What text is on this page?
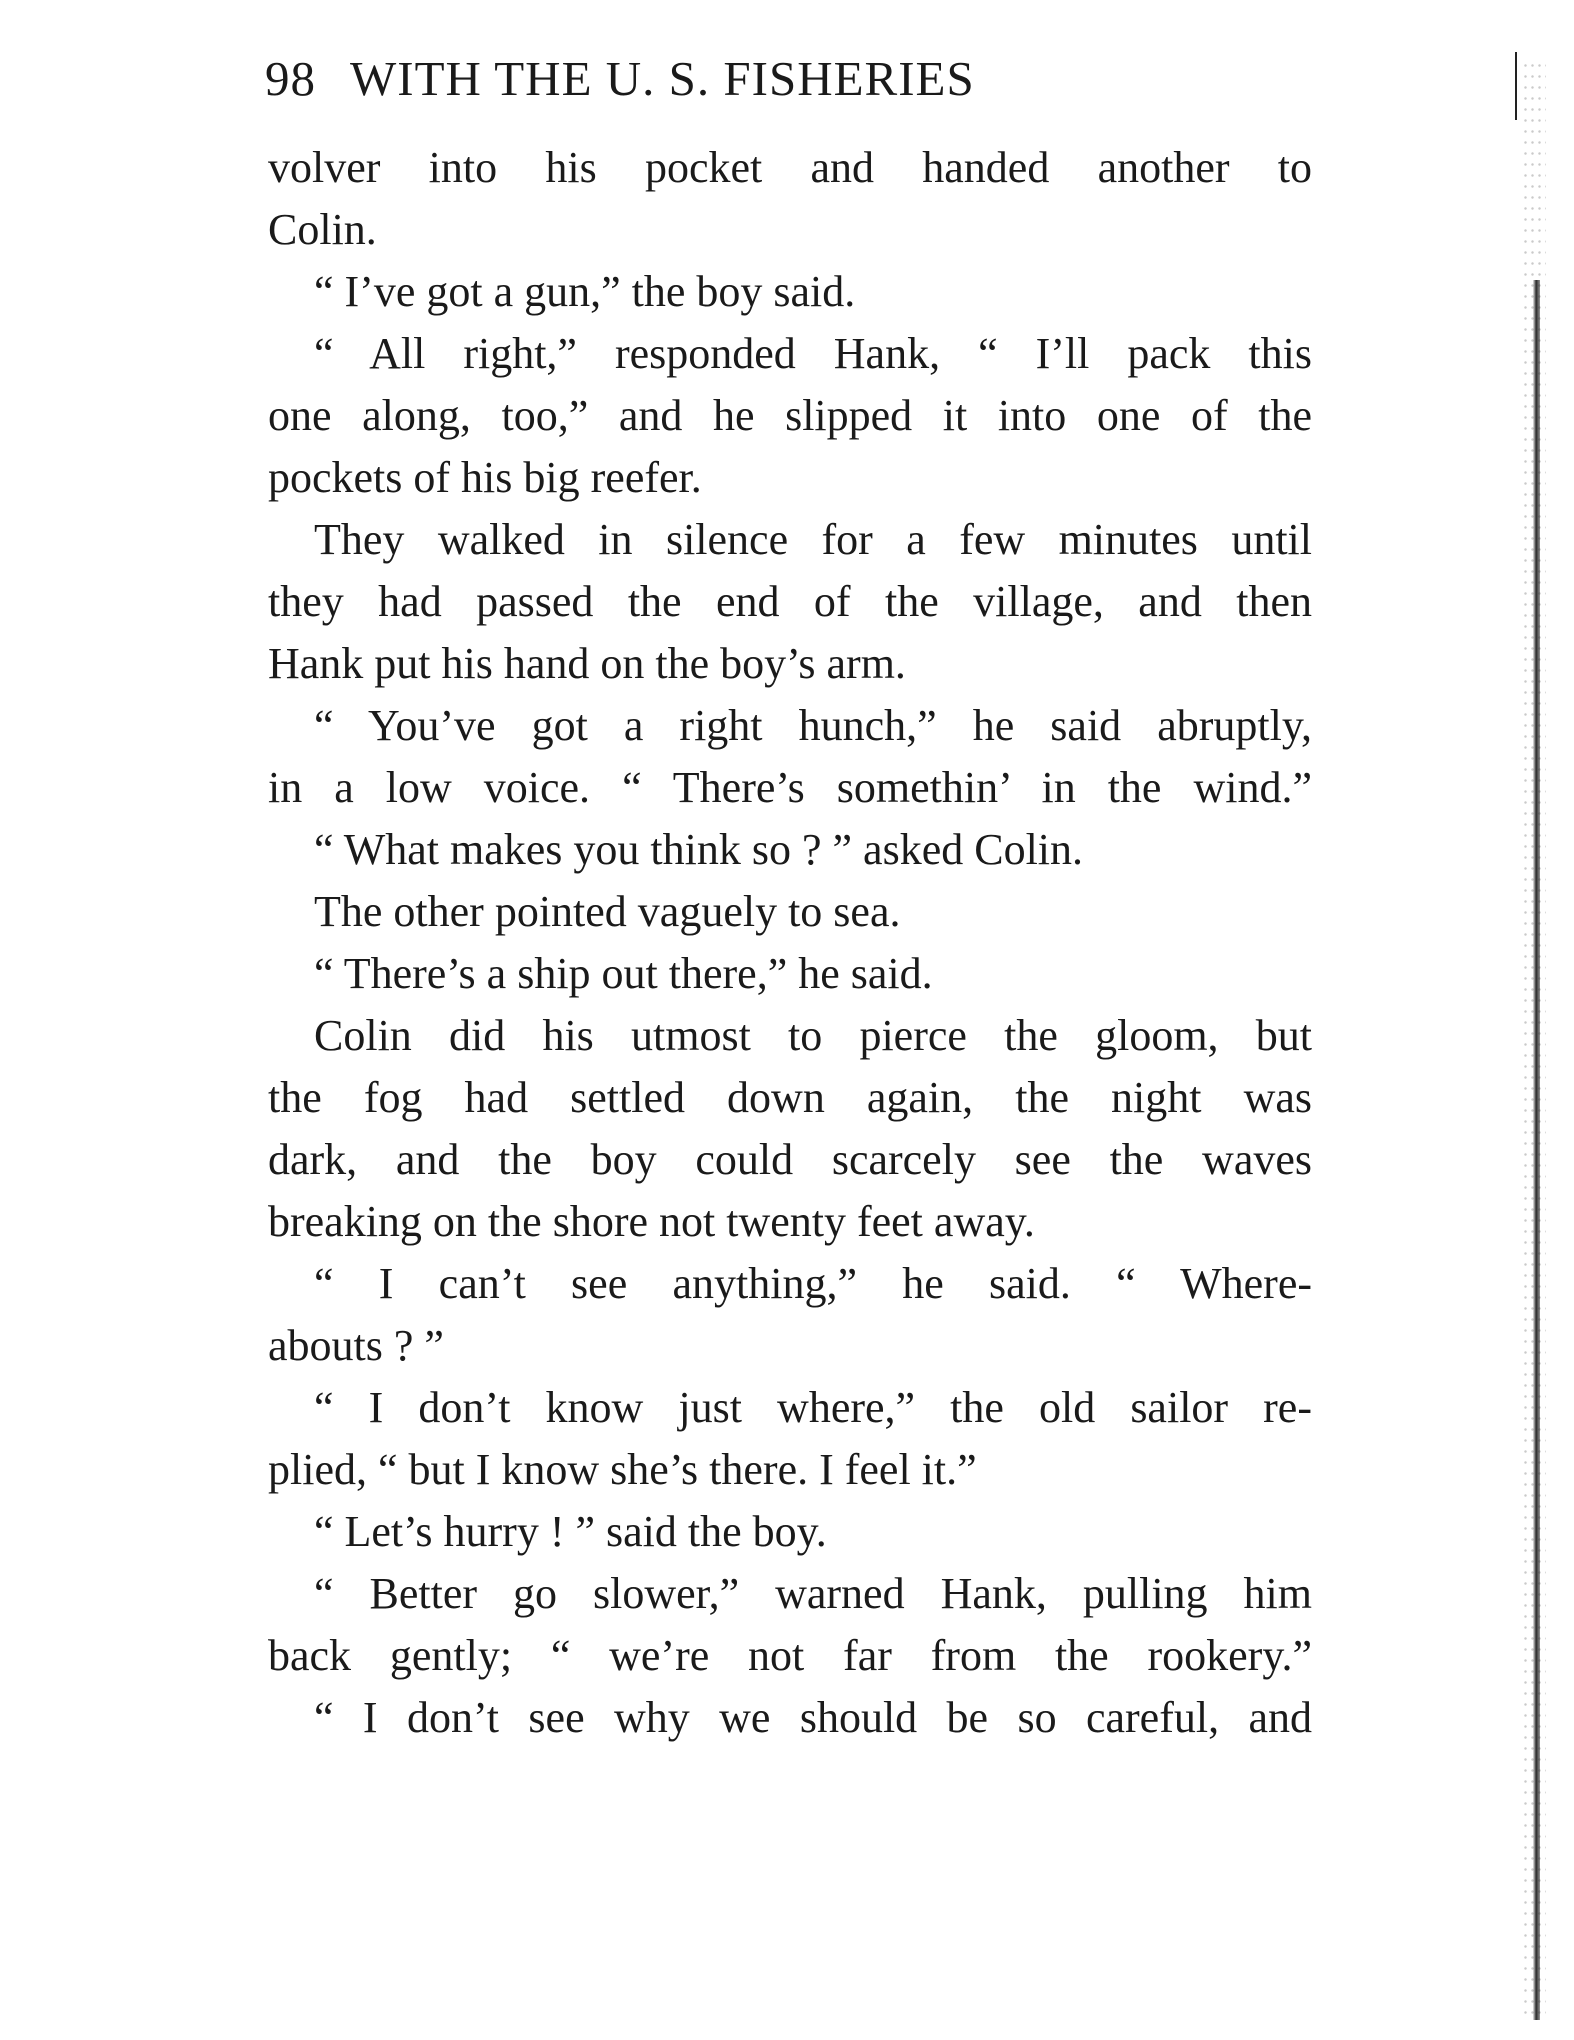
98 WITH THE U. S. FISHERIES
volver into his pocket and handed another to
Colin.
“ I’ve got a gun,” the boy said.
“ All right,” responded Hank, “ I’ll pack this
one along, too,” and he slipped it into one of the
pockets of his big reefer.
They walked in silence for a few minutes until
they had passed the end of the village, and then
Hank put his hand on the boy’s arm.
“ You’ve got a right hunch,” he said abruptly,
in a low voice. “ There’s somethin’ in the wind.”
“ What makes you think so ? ” asked Colin.
The other pointed vaguely to sea.
“ There’s a ship out there,” he said.
Colin did his utmost to pierce the gloom, but
the fog had settled down again, the night was
dark, and the boy could scarcely see the waves
breaking on the shore not twenty feet away.
“ I can’t see anything,” he said. “ Where-
abouts ? ”
“ I don’t know just where,” the old sailor re-
plied, “ but I know she’s there. I feel it.”
“ Let’s hurry ! ” said the boy.
“ Better go slower,” warned Hank, pulling him
back gently; “ we’re not far from the rookery.”
“ I don’t see why we should be so careful, and
